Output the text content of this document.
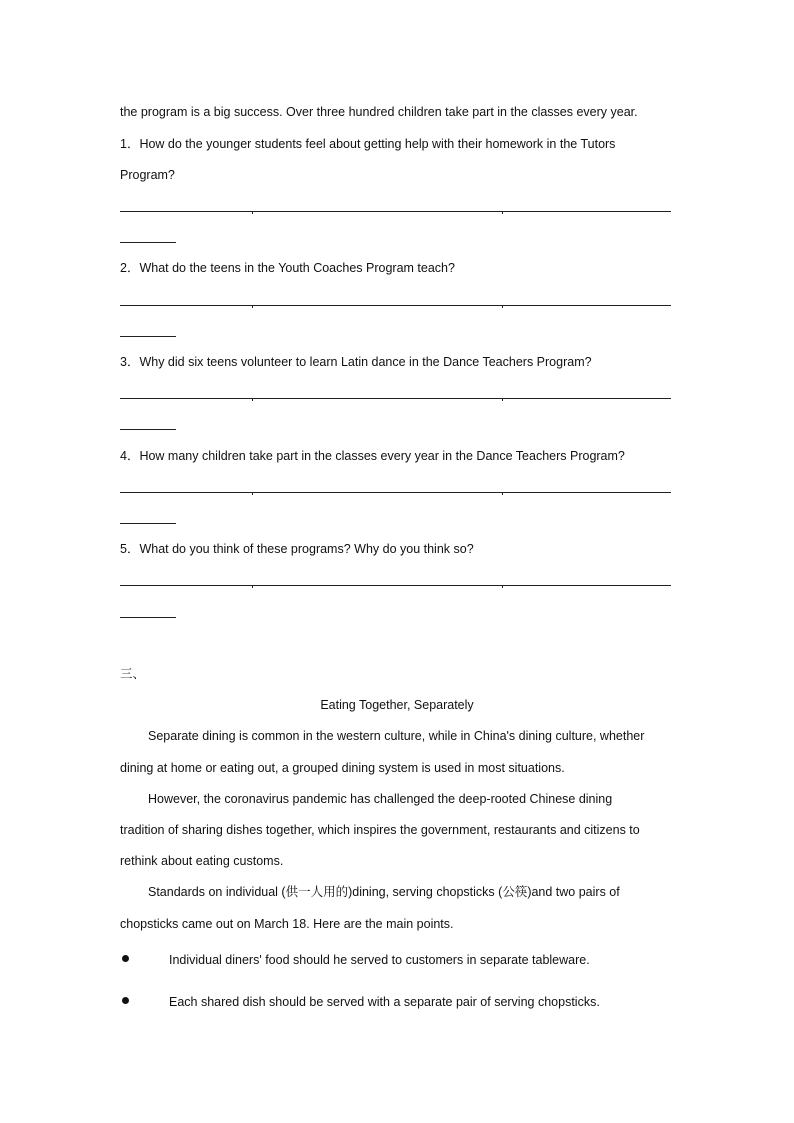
the program is a big success. Over three hundred children take part in the classes every year.
1．How do the younger students feel about getting help with their homework in the Tutors
Program?
2．What do the teens in the Youth Coaches Program teach?
3．Why did six teens volunteer to learn Latin dance in the Dance Teachers Program?
4．How many children take part in the classes every year in the Dance Teachers Program?
5．What do you think of these programs? Why do you think so?
三、
Eating Together, Separately
Separate dining is common in the western culture, while in China's dining culture, whether
dining at home or eating out, a grouped dining system is used in most situations.
However, the coronavirus pandemic has challenged the deep-rooted Chinese dining
tradition of sharing dishes together, which inspires the government, restaurants and citizens to
rethink about eating customs.
Standards on individual (供一人用的)dining, serving chopsticks (公筷)and two pairs of
chopsticks came out on March 18. Here are the main points.
Individual diners' food should he served to customers in separate tableware.
Each shared dish should be served with a separate pair of serving chopsticks.
